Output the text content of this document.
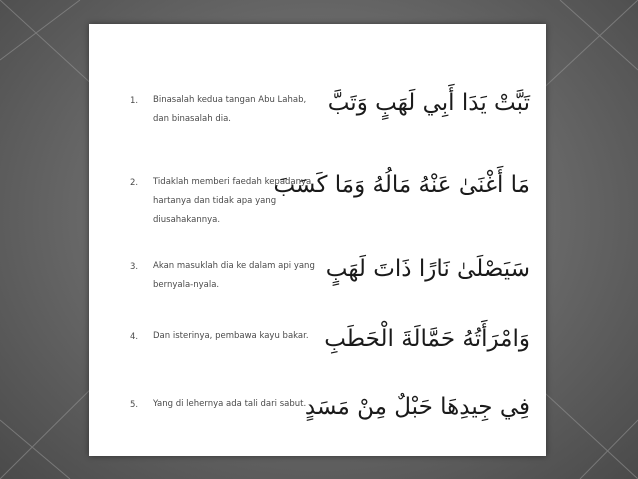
1. Binasalah kedua tangan Abu Lahab, dan binasalah dia.
تَبَّتْ يَدَا أَبِي لَهَبٍ وَتَبَّ
2. Tidaklah memberi faedah kepadanya hartanya dan tidak apa yang diusahakannya.
مَا أَغْنَىٰ عَنْهُ مَالُهُ وَمَا كَسَبَ
3. Akan masuklah dia ke dalam api yang bernyala-nyala.
سَيَصْلَىٰ نَارًا ذَاتَ لَهَبٍ
4. Dan isterinya, pembawa kayu bakar. وَامْرَأَتُهُ حَمَّالَةَ الْحَطَبِ
5. Yang di lehernya ada tali dari sabut.
فِي جِيدِهَا حَبْلٌ مِنْ مَسَدٍ
